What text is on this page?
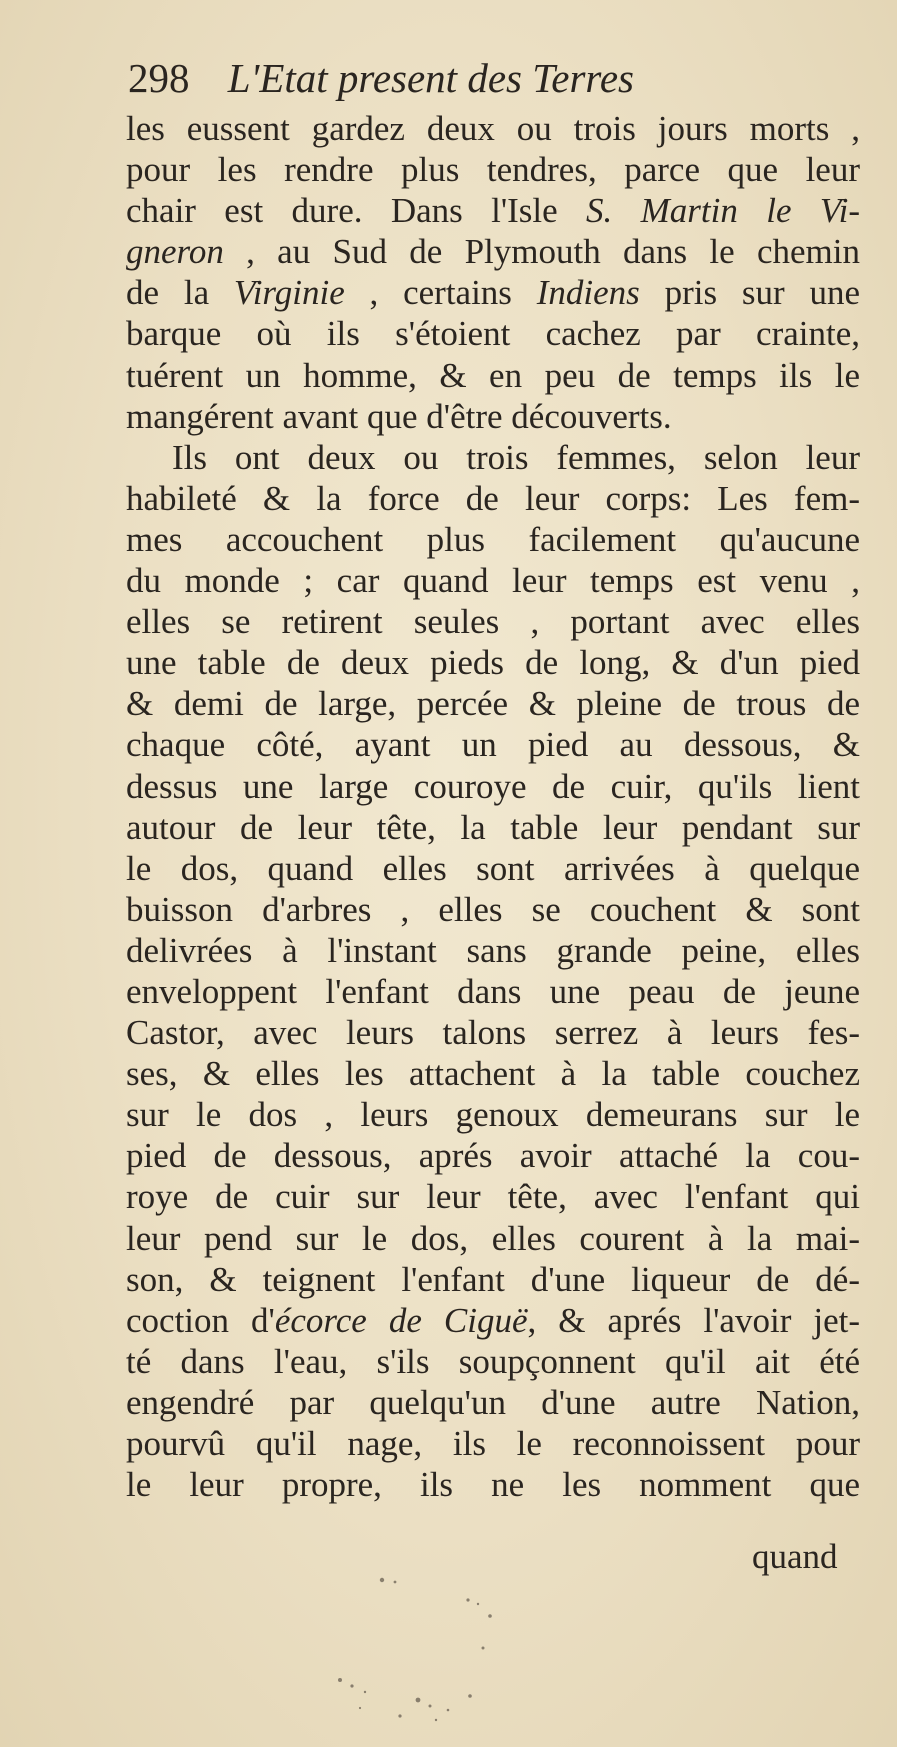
298 L'Etat present des Terres
les eussent gardez deux ou trois jours morts ,
pour les rendre plus tendres, parce que leur
chair est dure. Dans l'Isle S. Martin le Vi-
gneron , au Sud de Plymouth dans le chemin
de la Virginie , certains Indiens pris sur une
barque où ils s'étoient cachez par crainte,
tuérent un homme, & en peu de temps ils le
mangérent avant que d'être découverts.
Ils ont deux ou trois femmes, selon leur
habileté & la force de leur corps: Les fem-
mes accouchent plus facilement qu'aucune
du monde ; car quand leur temps est venu ,
elles se retirent seules , portant avec elles
une table de deux pieds de long, & d'un pied
& demi de large, percée & pleine de trous de
chaque côté, ayant un pied au dessous, &
dessus une large couroye de cuir, qu'ils lient
autour de leur tête, la table leur pendant sur
le dos, quand elles sont arrivées à quelque
buisson d'arbres , elles se couchent & sont
delivrées à l'instant sans grande peine, elles
enveloppent l'enfant dans une peau de jeune
Castor, avec leurs talons serrez à leurs fes-
ses, & elles les attachent à la table couchez
sur le dos , leurs genoux demeurans sur le
pied de dessous, aprés avoir attaché la cou-
roye de cuir sur leur tête, avec l'enfant qui
leur pend sur le dos, elles courent à la mai-
son, & teignent l'enfant d'une liqueur de dé-
coction d'écorce de Ciguë, & aprés l'avoir jet-
té dans l'eau, s'ils soupçonnent qu'il ait été
engendré par quelqu'un d'une autre Nation,
pourvû qu'il nage, ils le reconnoissent pour
le leur propre, ils ne les nomment que
quand
